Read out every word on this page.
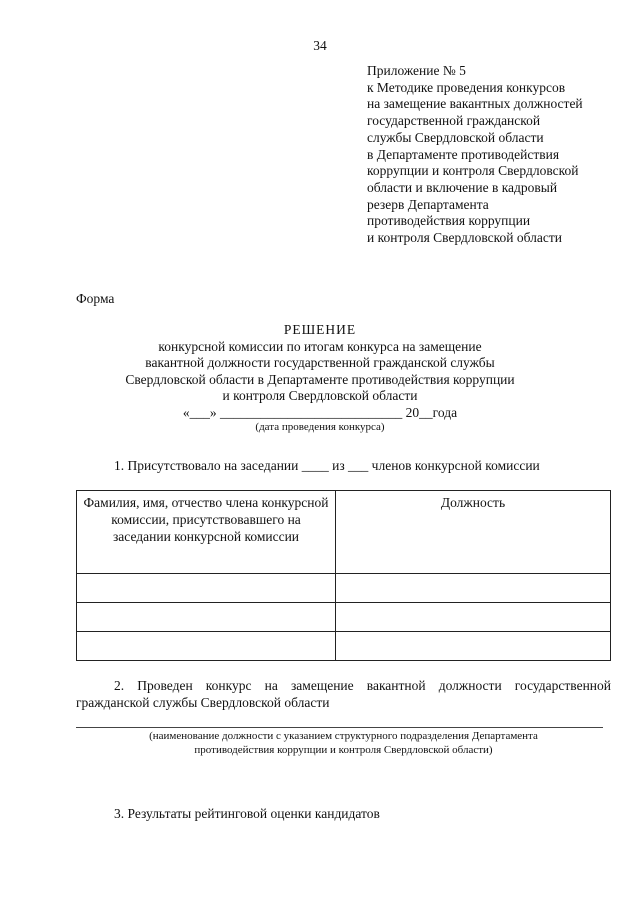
34
Приложение № 5
к Методике проведения конкурсов
на замещение вакантных должностей
государственной гражданской
службы Свердловской области
в Департаменте противодействия
коррупции и контроля Свердловской
области и включение в кадровый
резерв Департамента
противодействия коррупции
и контроля Свердловской области
Форма
РЕШЕНИЕ
конкурсной комиссии по итогам конкурса на замещение
вакантной должности государственной гражданской службы
Свердловской области в Департаменте противодействия коррупции
и контроля Свердловской области
«___» ___________________________ 20__года
(дата проведения конкурса)
1. Присутствовало на заседании ____ из ___ членов конкурсной комиссии
Фамилия, имя, отчество члена конкурсной комиссии, присутствовавшего на заседании конкурсной комиссии	Должность

2. Проведен конкурс на замещение вакантной должности государственной гражданской службы Свердловской области
(наименование должности с указанием структурного подразделения Департамента
противодействия коррупции и контроля Свердловской области)
3. Результаты рейтинговой оценки кандидатов
